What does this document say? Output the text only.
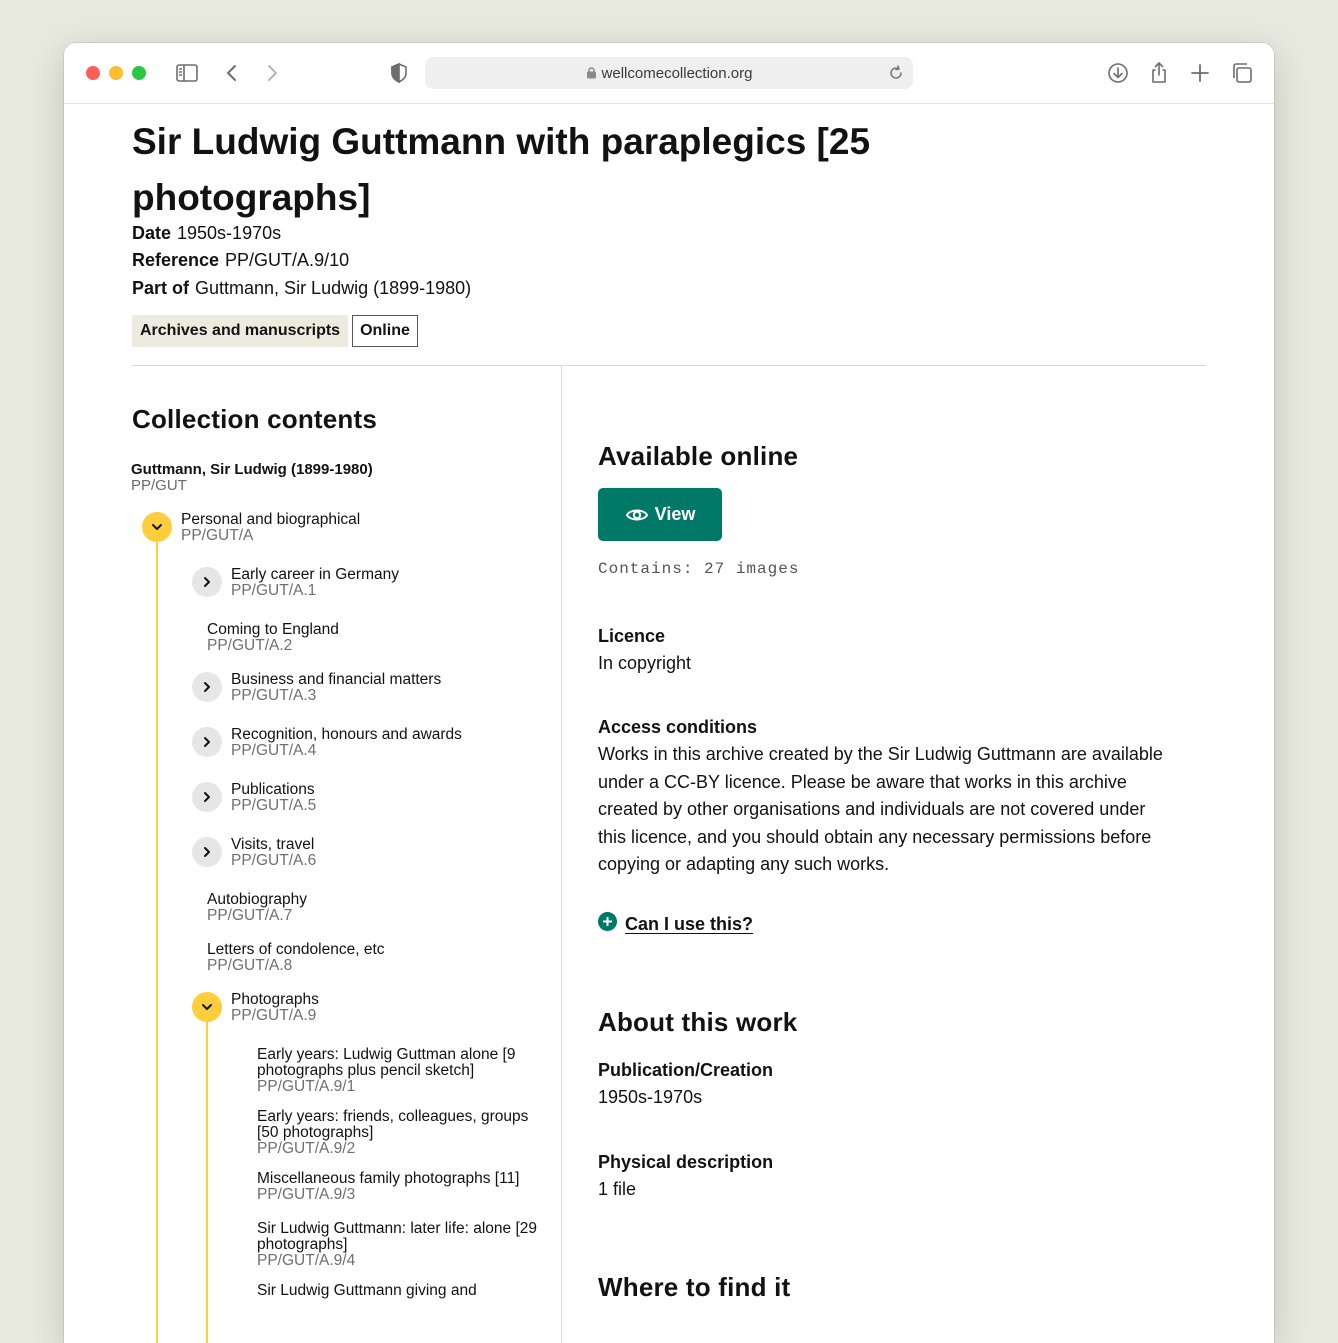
wellcomecollection.org
Sir Ludwig Guttmann with paraplegics [25 photographs]
Date 1950s-1970s
Reference PP/GUT/A.9/10
Part of Guttmann, Sir Ludwig (1899-1980)
Archives and manuscripts Online
Collection contents
Guttmann, Sir Ludwig (1899-1980)
PP/GUT
Personal and biographical
PP/GUT/A
Early career in Germany
PP/GUT/A.1
Coming to England
PP/GUT/A.2
Business and financial matters
PP/GUT/A.3
Recognition, honours and awards
PP/GUT/A.4
Publications
PP/GUT/A.5
Visits, travel
PP/GUT/A.6
Autobiography
PP/GUT/A.7
Letters of condolence, etc
PP/GUT/A.8
Photographs
PP/GUT/A.9
Early years: Ludwig Guttman alone [9 photographs plus pencil sketch]
PP/GUT/A.9/1
Early years: friends, colleagues, groups [50 photographs]
PP/GUT/A.9/2
Miscellaneous family photographs [11]
PP/GUT/A.9/3
Sir Ludwig Guttmann: later life: alone [29 photographs]
PP/GUT/A.9/4
Sir Ludwig Guttmann giving and
Available online
View
Contains: 27 images
Licence
In copyright
Access conditions
Works in this archive created by the Sir Ludwig Guttmann are available under a CC-BY licence. Please be aware that works in this archive created by other organisations and individuals are not covered under this licence, and you should obtain any necessary permissions before copying or adapting any such works.
Can I use this?
About this work
Publication/Creation
1950s-1970s
Physical description
1 file
Where to find it
